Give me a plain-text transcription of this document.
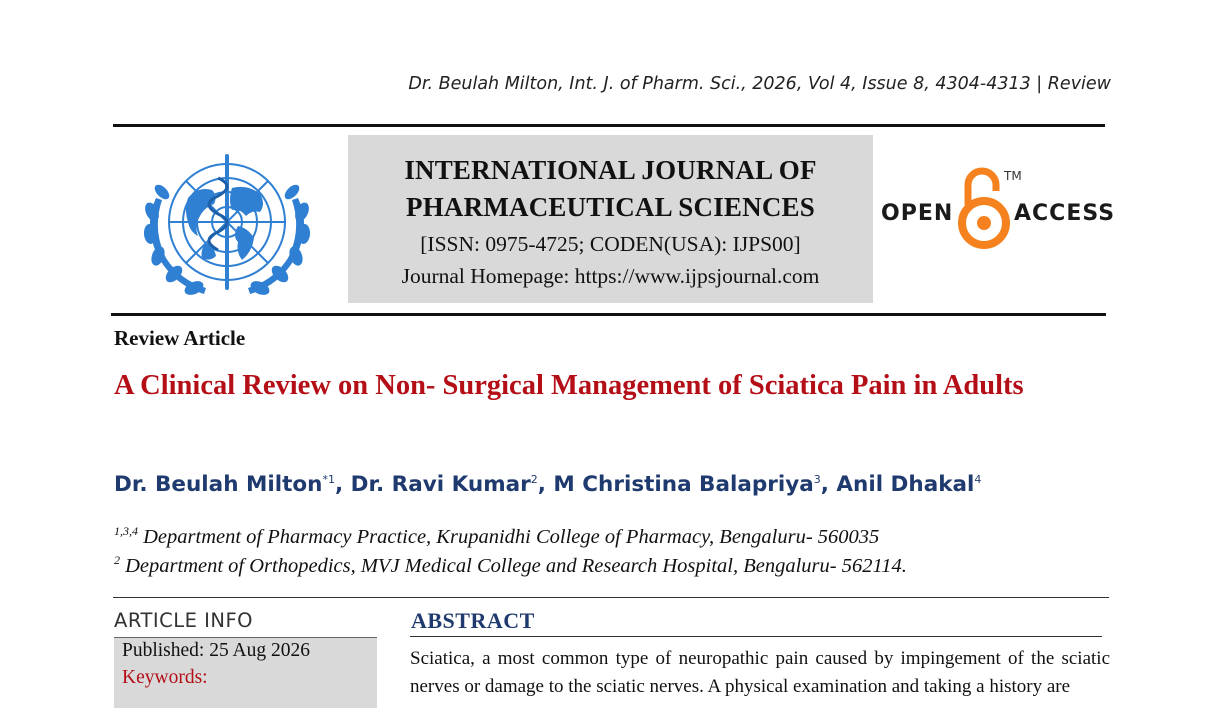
Dr. Beulah Milton, Int. J. of Pharm. Sci., 2026, Vol 4, Issue 8, 4304-4313 | Review
INTERNATIONAL JOURNAL OF
PHARMACEUTICAL SCIENCES
[ISSN: 0975-4725; CODEN(USA): IJPS00]
Journal Homepage: https://www.ijpsjournal.com
OPEN
TM
ACCESS
Review Article
A Clinical Review on Non- Surgical Management of Sciatica Pain in Adults
Dr. Beulah Milton$^{*1}$, Dr. Ravi Kumar$^2$, M Christina Balapriya$^3$, Anil Dhakal$^4$
$^{1,3,4}$ Department of Pharmacy Practice, Krupanidhi College of Pharmacy, Bengaluru- 560035
$^2$ Department of Orthopedics, MVJ Medical College and Research Hospital, Bengaluru- 562114.
ARTICLE INFO
Published: 25 Aug 2026
Keywords:
ABSTRACT
Sciatica, a most common type of neuropathic pain caused by impingement of the sciatic nerves or damage to the sciatic nerves. A physical examination and taking a history are
